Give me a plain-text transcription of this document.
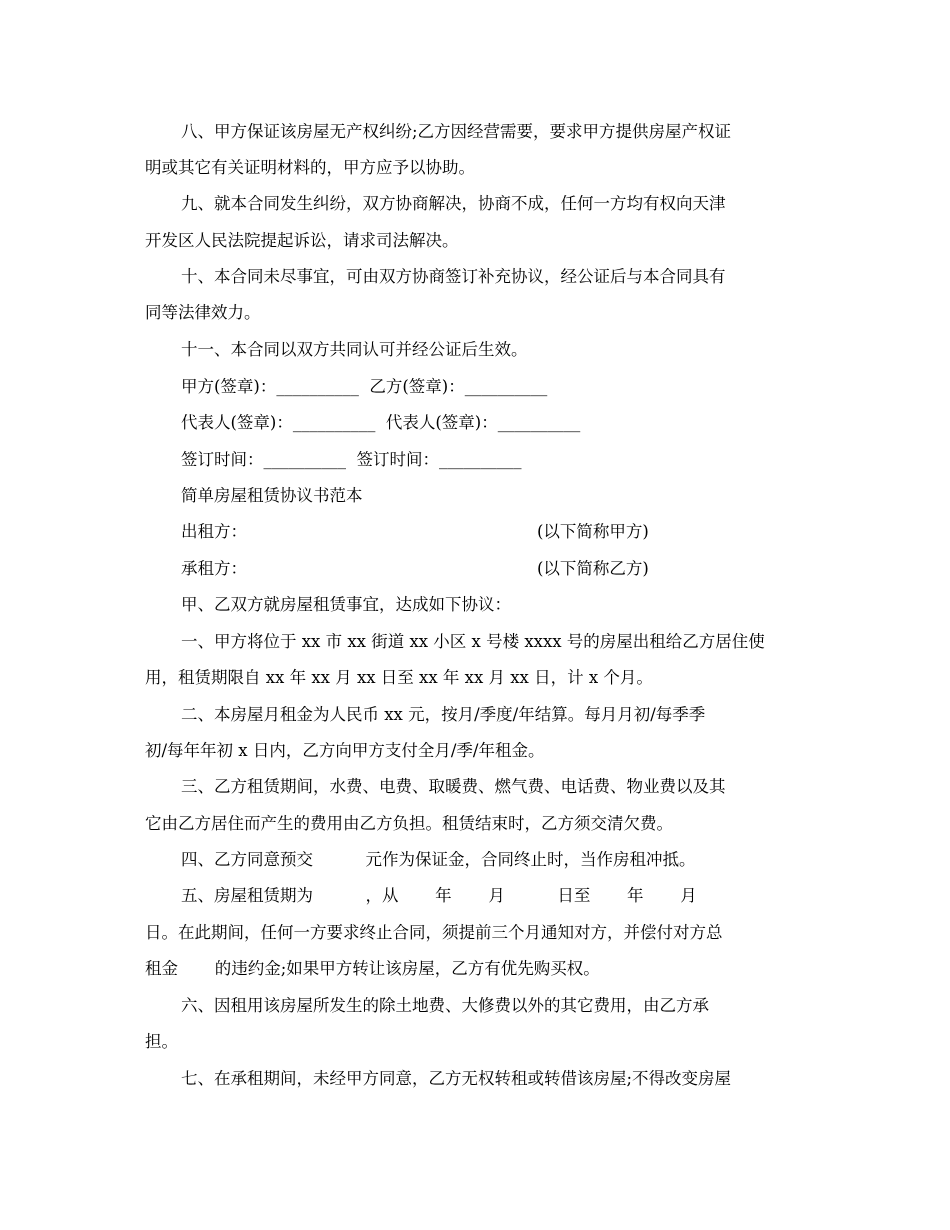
八、甲方保证该房屋无产权纠纷;乙方因经营需要，要求甲方提供房屋产权证
明或其它有关证明材料的，甲方应予以协助。
九、就本合同发生纠纷，双方协商解决，协商不成，任何一方均有权向天津
开发区人民法院提起诉讼，请求司法解决。
十、本合同未尽事宜，可由双方协商签订补充协议，经公证后与本合同具有
同等法律效力。
十一、本合同以双方共同认可并经公证后生效。
甲方(签章)：__________  乙方(签章)：__________
代表人(签章)：__________  代表人(签章)：__________
签订时间：__________  签订时间：__________
简单房屋租赁协议书范本
出租方：	(以下简称甲方)
承租方：	(以下简称乙方)
甲、乙双方就房屋租赁事宜，达成如下协议：
一、甲方将位于 xx 市 xx 街道 xx 小区 x 号楼 xxxx 号的房屋出租给乙方居住使
用，租赁期限自 xx 年 xx 月 xx 日至 xx 年 xx 月 xx 日，计 x 个月。
二、本房屋月租金为人民币 xx 元，按月/季度/年结算。每月月初/每季季
初/每年年初 x 日内，乙方向甲方支付全月/季/年租金。
三、乙方租赁期间，水费、电费、取暖费、燃气费、电话费、物业费以及其
它由乙方居住而产生的费用由乙方负担。租赁结束时，乙方须交清欠费。
四、乙方同意预交          元作为保证金，合同终止时，当作房租冲抵。
五、房屋租赁期为          ，从       年       月          日至       年       月
日。在此期间，任何一方要求终止合同，须提前三个月通知对方，并偿付对方总
租金       的违约金;如果甲方转让该房屋，乙方有优先购买权。
六、因租用该房屋所发生的除土地费、大修费以外的其它费用，由乙方承
担。
七、在承租期间，未经甲方同意，乙方无权转租或转借该房屋;不得改变房屋
